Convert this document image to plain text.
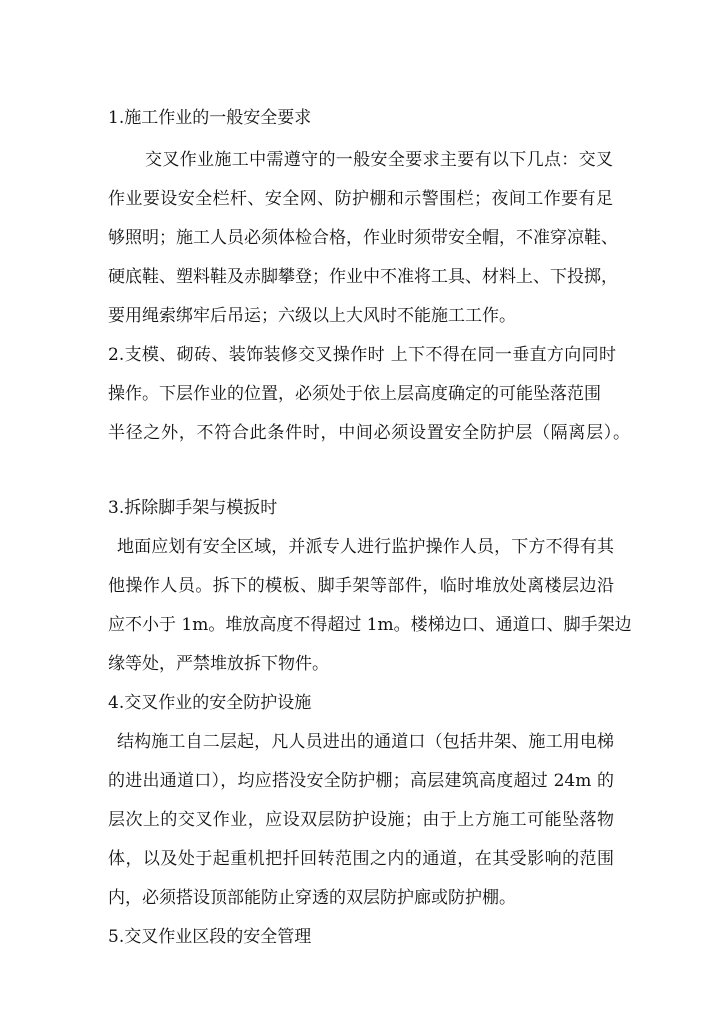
1.施工作业的一般安全要求
交叉作业施工中需遵守的一般安全要求主要有以下几点：交叉
作业要设安全栏杆、安全网、防护棚和示警围栏；夜间工作要有足
够照明；施工人员必须体检合格，作业时须带安全帽，不准穿凉鞋、
硬底鞋、塑料鞋及赤脚攀登；作业中不准将工具、材料上、下投掷，
要用绳索绑牢后吊运；六级以上大风时不能施工工作。
2.支模、砌砖、装饰装修交叉操作时 上下不得在同一垂直方向同时
操作。下层作业的位置，必须处于依上层高度确定的可能坠落范围
半径之外，不符合此条件时，中间必须设置安全防护层（隔离层）。
3.拆除脚手架与模扳时
地面应划有安全区域，并派专人进行监护操作人员，下方不得有其
他操作人员。拆下的模板、脚手架等部件，临时堆放处离楼层边沿
应不小于 1m。堆放高度不得超过 1m。楼梯边口、通道口、脚手架边
缘等处，严禁堆放拆下物件。
4.交叉作业的安全防护设施
结构施工自二层起，凡人员进出的通道口（包括井架、施工用电梯
的进出通道口），均应搭没安全防护棚；高层建筑高度超过 24m 的
层次上的交叉作业，应设双层防护设施；由于上方施工可能坠落物
体，以及处于起重机把扦回转范围之内的通道，在其受影响的范围
内，必须搭设顶部能防止穿透的双层防护廊或防护棚。
5.交叉作业区段的安全管理
